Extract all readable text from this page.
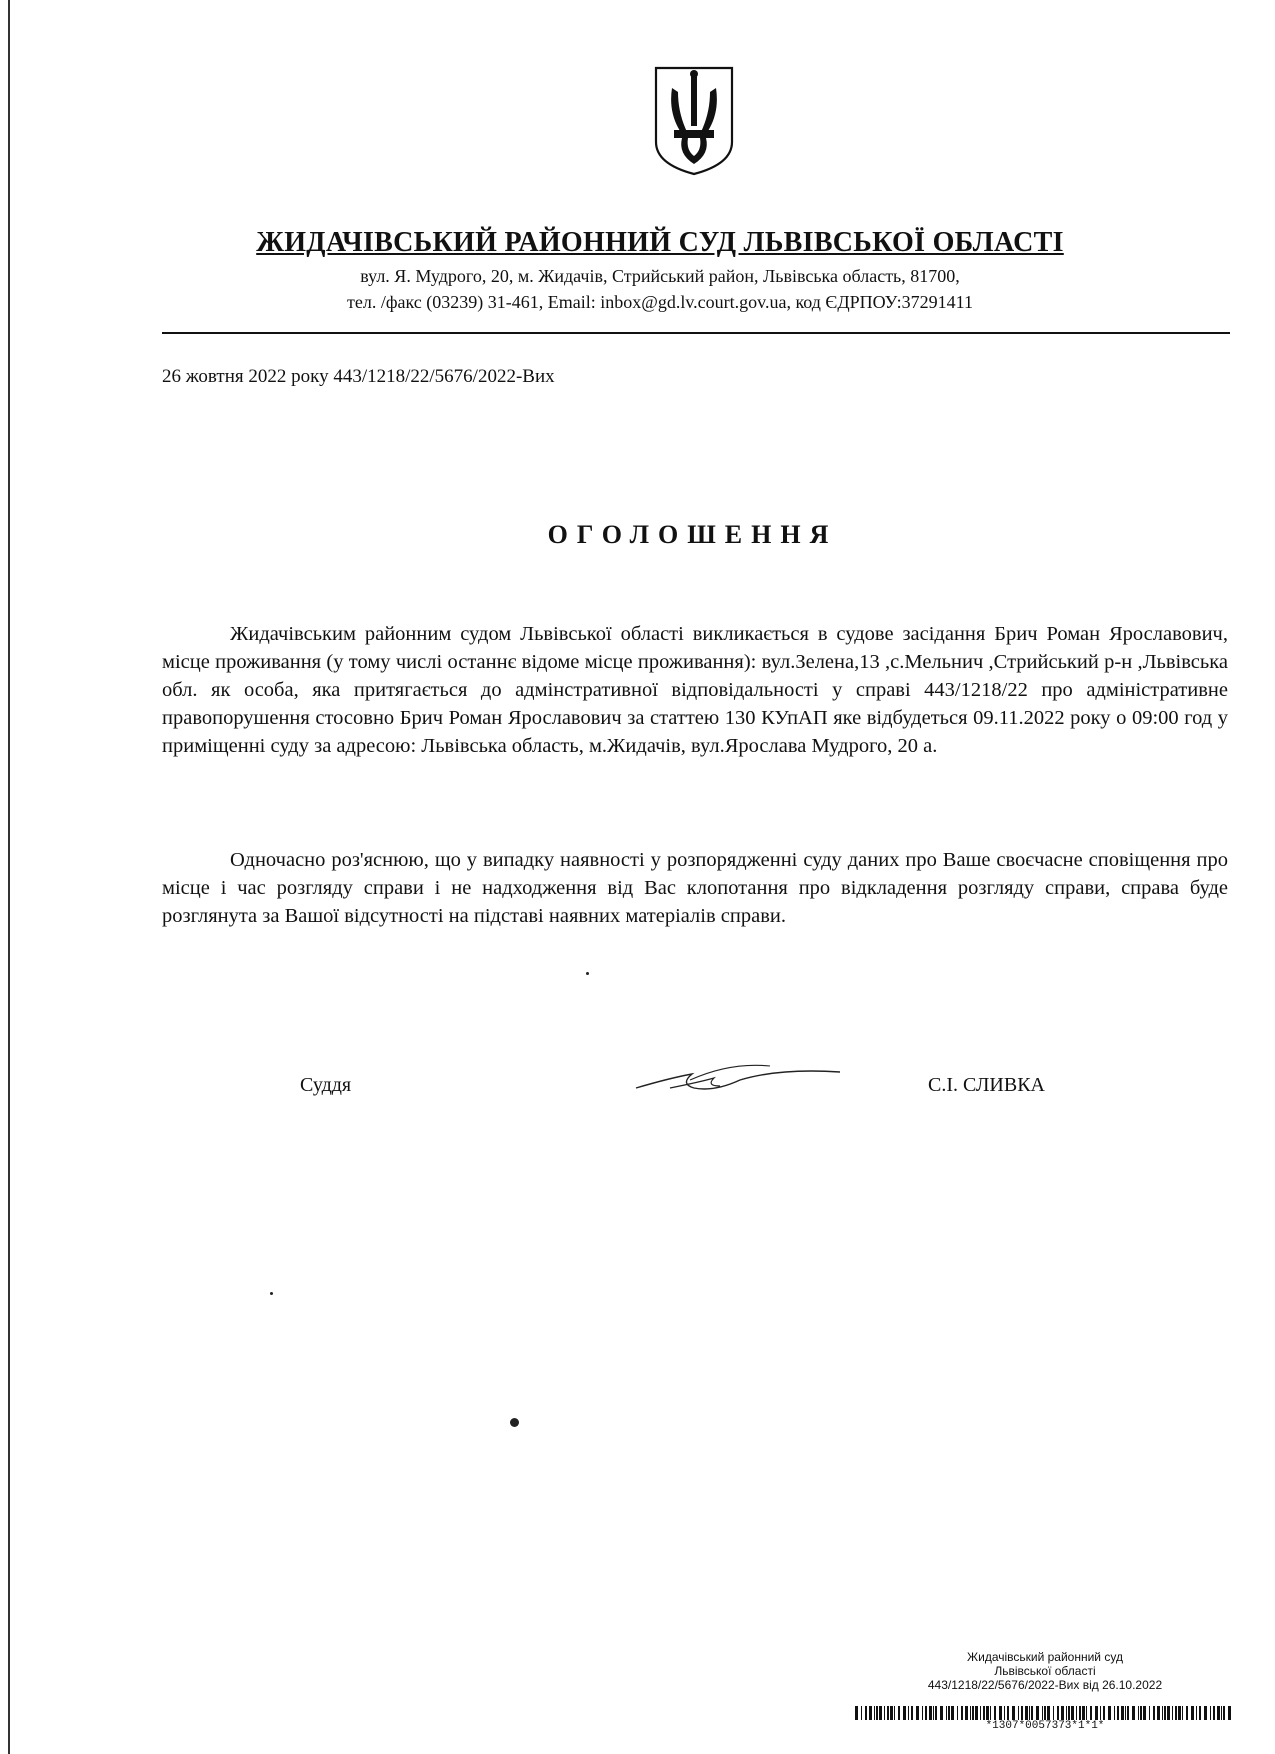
ЖИДАЧІВСЬКИЙ РАЙОННИЙ СУД ЛЬВІВСЬКОЇ ОБЛАСТІ
вул. Я. Мудрого, 20, м. Жидачів, Стрийський район, Львівська область, 81700,
тел. /факс (03239) 31-461, Email: inbox@gd.lv.court.gov.ua, код ЄДРПОУ:37291411
26 жовтня 2022 року 443/1218/22/5676/2022-Вих
ОГОЛОШЕННЯ

Жидачівським районним судом Львівської області викликається в судове засідання Брич Роман Ярославович, місце проживання (у тому числі останнє відоме місце проживання): вул.Зелена,13 ,с.Мельнич ,Стрийський р-н ,Львівська обл. як особа, яка притягається до адмінстративної відповідальності у справі 443/1218/22 про адміністративне правопорушення стосовно Брич Роман Ярославович за статтею 130 КУпАП яке відбудеться 09.11.2022 року о 09:00 год у приміщенні суду за адресою: Львівська область, м.Жидачів, вул.Ярослава Мудрого, 20 а.

Одночасно роз'яснюю, що у випадку наявності у розпорядженні суду даних про Ваше своєчасне сповіщення про місце і час розгляду справи і не надходження від Вас клопотання про відкладення розгляду справи, справа буде розглянута за Вашої відсутності на підставі наявних матеріалів справи.

Суддя	С.І. СЛИВКА
Жидачівський районний суд
Львівської області
443/1218/22/5676/2022-Вих від 26.10.2022
*1307*0057373*1*1*
